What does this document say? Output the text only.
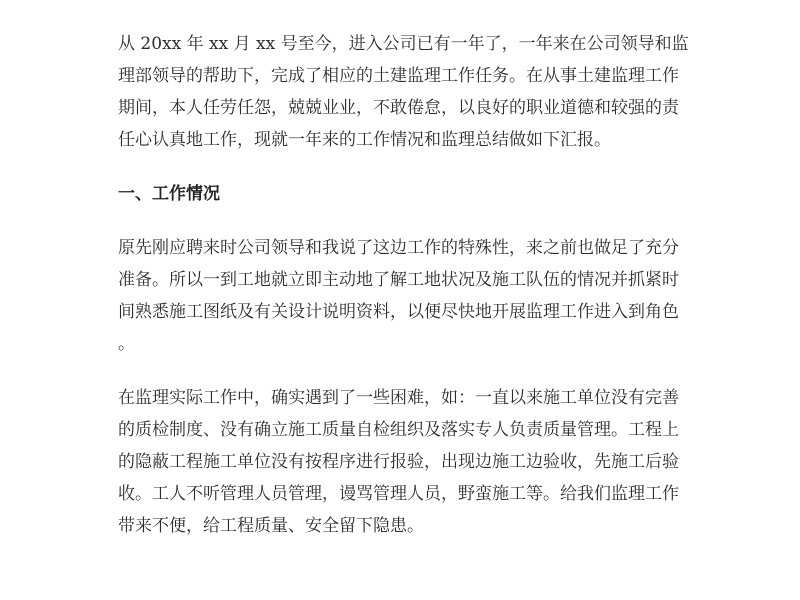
从 20xx 年 xx 月 xx 号至今，进入公司已有一年了，一年来在公司领导和监
理部领导的帮助下，完成了相应的土建监理工作任务。在从事土建监理工作
期间，本人任劳任怨，兢兢业业，不敢倦怠，以良好的职业道德和较强的责
任心认真地工作，现就一年来的工作情况和监理总结做如下汇报。
一、工作情况
原先刚应聘来时公司领导和我说了这边工作的特殊性，来之前也做足了充分
准备。所以一到工地就立即主动地了解工地状况及施工队伍的情况并抓紧时
间熟悉施工图纸及有关设计说明资料，以便尽快地开展监理工作进入到角色
。
在监理实际工作中，确实遇到了一些困难，如：一直以来施工单位没有完善
的质检制度、没有确立施工质量自检组织及落实专人负责质量管理。工程上
的隐蔽工程施工单位没有按程序进行报验，出现边施工边验收，先施工后验
收。工人不听管理人员管理，谩骂管理人员，野蛮施工等。给我们监理工作
带来不便，给工程质量、安全留下隐患。
